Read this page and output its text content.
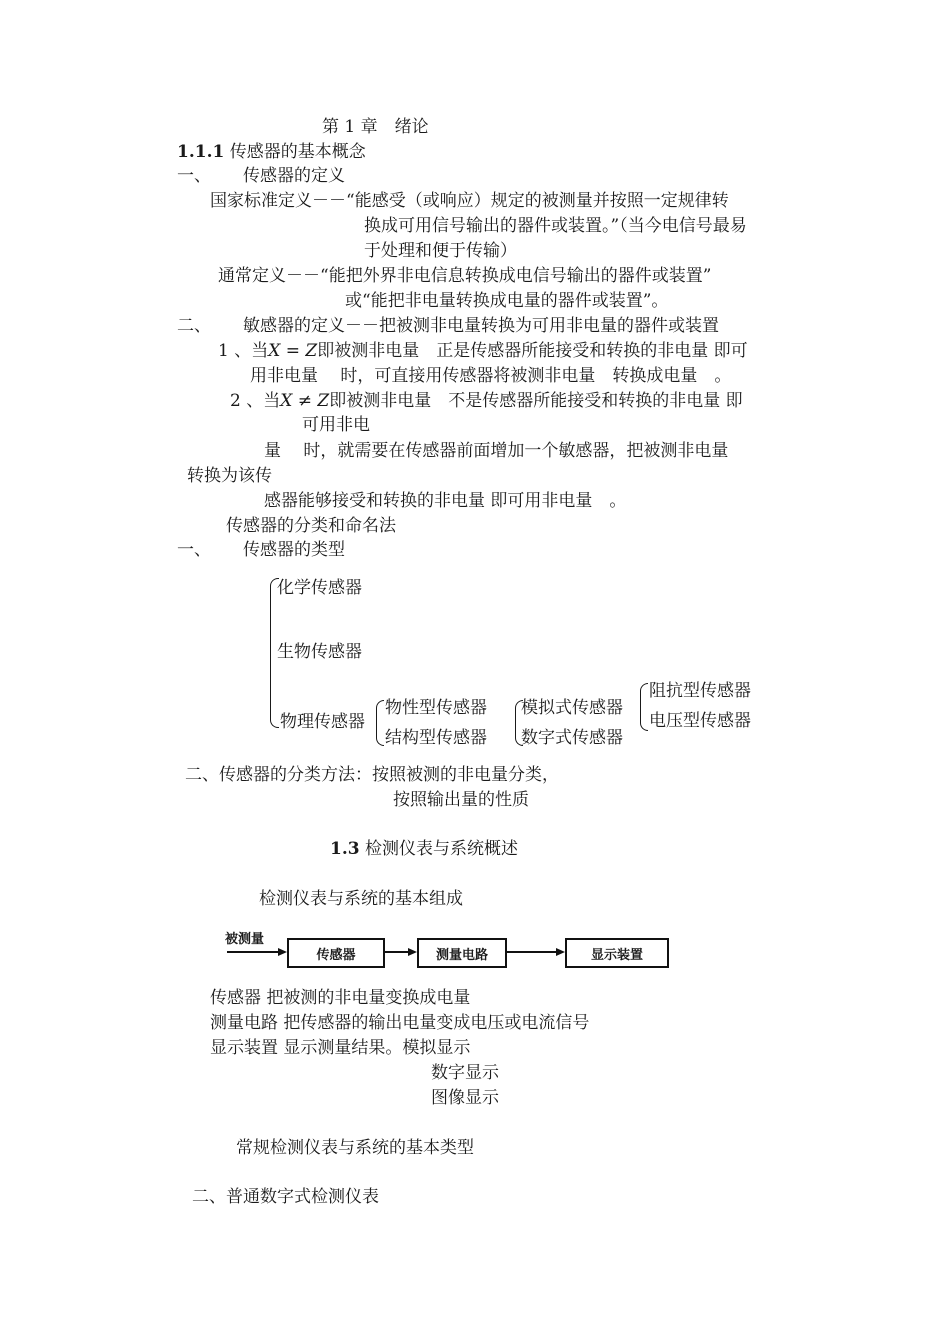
第 1 章　绪论
1.1.1 传感器的基本概念
一、 传感器的定义
国家标准定义－－“能感受（或响应）规定的被测量并按照一定规律转
换成可用信号输出的器件或装置。”（当今电信号最易
于处理和便于传输）
通常定义－－“能把外界非电信息转换成电信号输出的器件或装置”
或“能把非电量转换成电量的器件或装置”。
二、 敏感器的定义－－把被测非电量转换为可用非电量的器件或装置
1 、当X = Z即被测非电量　正是传感器所能接受和转换的非电量 即可
用非电量　 时，可直接用传感器将被测非电量　转换成电量　。
2 、当X ≠ Z即被测非电量　不是传感器所能接受和转换的非电量 即
可用非电
量　 时，就需要在传感器前面增加一个敏感器，把被测非电量
转换为该传
感器能够接受和转换的非电量 即可用非电量　。
传感器的分类和命名法
一、 传感器的类型
化学传感器
生物传感器
物理传感器
物性型传感器
结构型传感器
模拟式传感器
数字式传感器
阻抗型传感器
电压型传感器
二、传感器的分类方法：按照被测的非电量分类，
按照输出量的性质
1.3 检测仪表与系统概述
检测仪表与系统的基本组成
被测量
传感器	测量电路	显示装置
传感器 把被测的非电量变换成电量
测量电路 把传感器的输出电量变成电压或电流信号
显示装置 显示测量结果。模拟显示
数字显示
图像显示
常规检测仪表与系统的基本类型
二、普通数字式检测仪表
